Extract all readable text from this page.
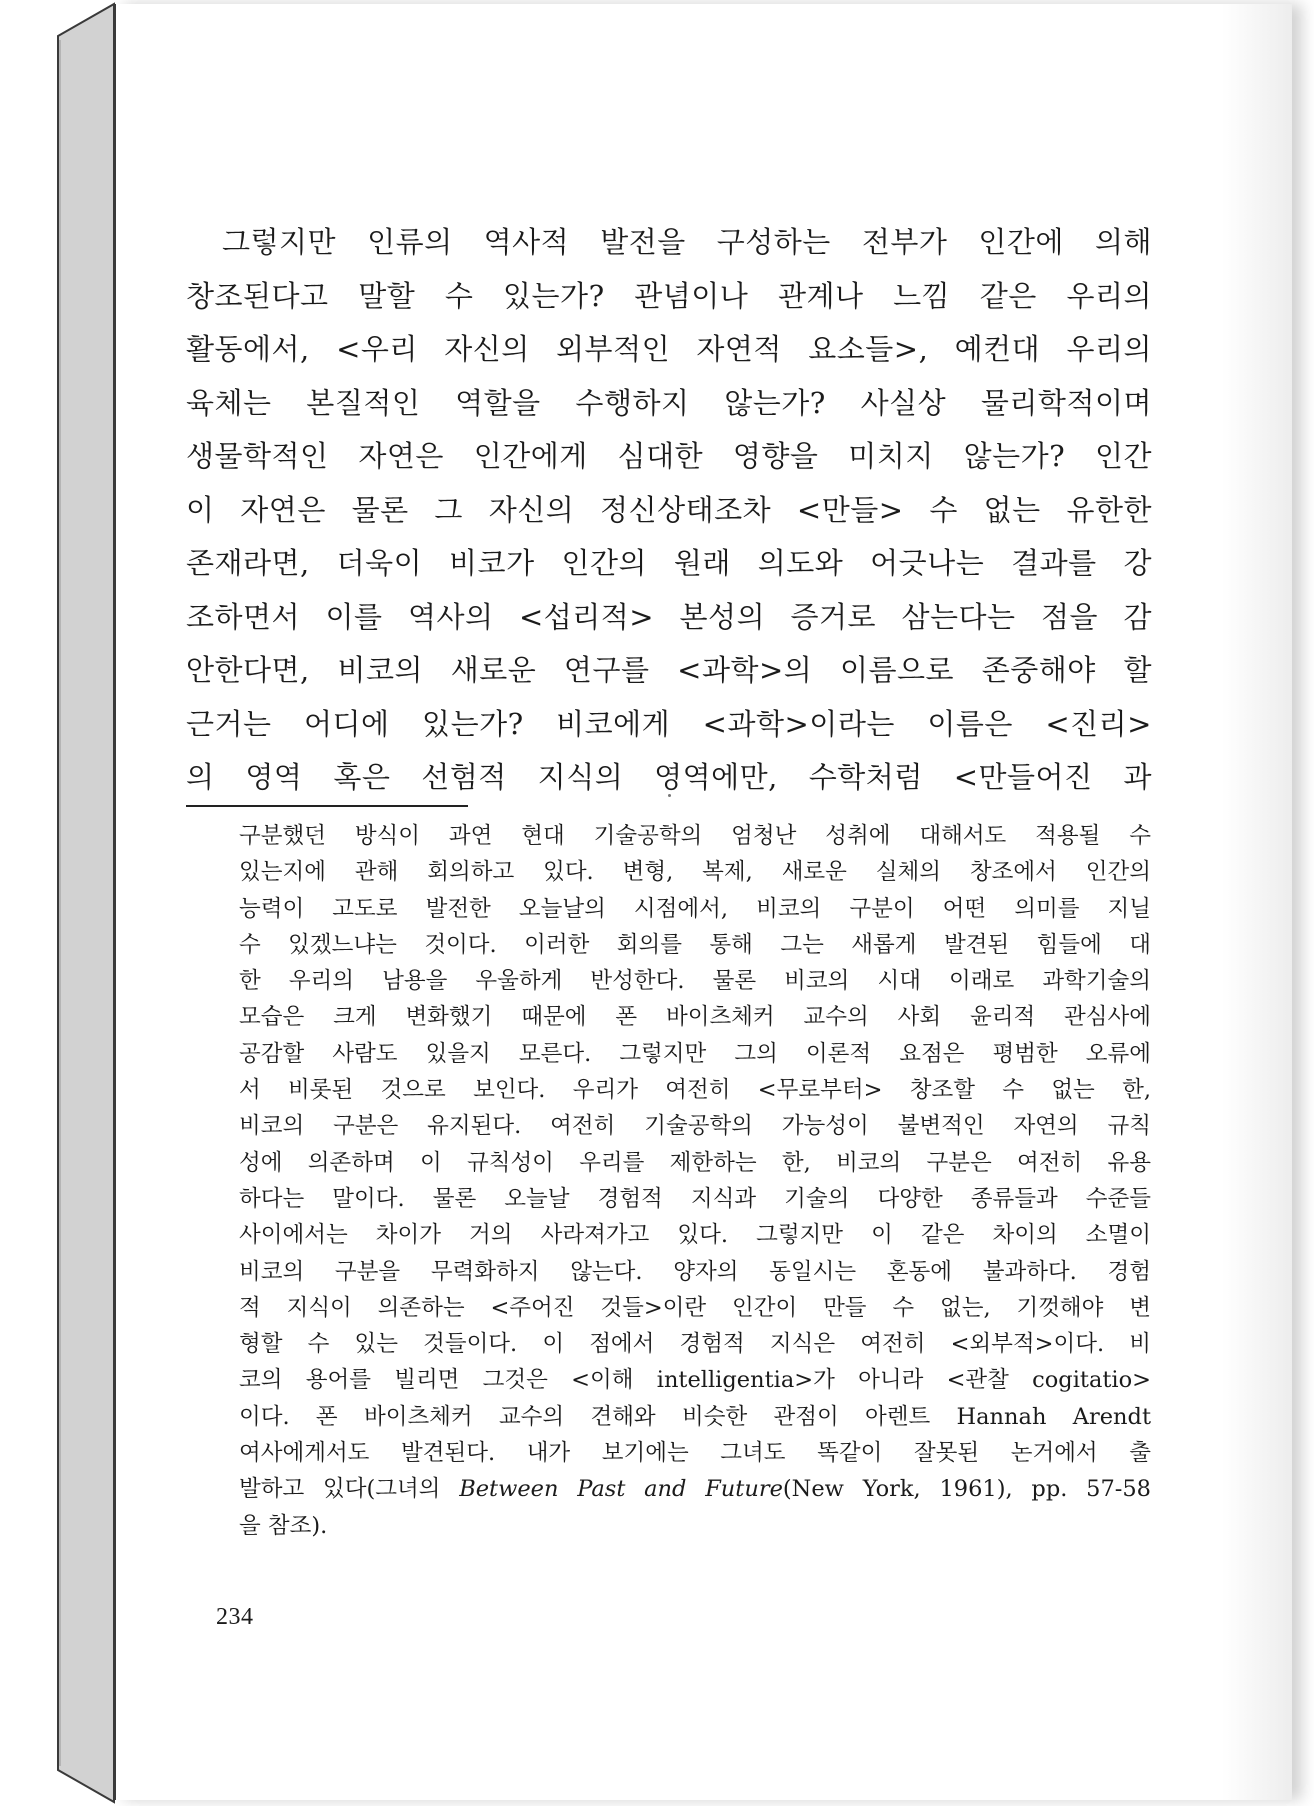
그렇지만 인류의 역사적 발전을 구성하는 전부가 인간에 의해
창조된다고 말할 수 있는가? 관념이나 관계나 느낌 같은 우리의
활동에서, <우리 자신의 외부적인 자연적 요소들>, 예컨대 우리의
육체는 본질적인 역할을 수행하지 않는가? 사실상 물리학적이며
생물학적인 자연은 인간에게 심대한 영향을 미치지 않는가? 인간
이 자연은 물론 그 자신의 정신상태조차 <만들> 수 없는 유한한
존재라면, 더욱이 비코가 인간의 원래 의도와 어긋나는 결과를 강
조하면서 이를 역사의 <섭리적> 본성의 증거로 삼는다는 점을 감
안한다면, 비코의 새로운 연구를 <과학>의 이름으로 존중해야 할
근거는 어디에 있는가? 비코에게 <과학>이라는 이름은 <진리>
의 영역 혹은 선험적 지식의 영역에만, 수학처럼 <만들어진 과
구분했던 방식이 과연 현대 기술공학의 엄청난 성취에 대해서도 적용될 수
있는지에 관해 회의하고 있다. 변형, 복제, 새로운 실체의 창조에서 인간의
능력이 고도로 발전한 오늘날의 시점에서, 비코의 구분이 어떤 의미를 지닐
수 있겠느냐는 것이다. 이러한 회의를 통해 그는 새롭게 발견된 힘들에 대
한 우리의 남용을 우울하게 반성한다. 물론 비코의 시대 이래로 과학기술의
모습은 크게 변화했기 때문에 폰 바이츠체커 교수의 사회 윤리적 관심사에
공감할 사람도 있을지 모른다. 그렇지만 그의 이론적 요점은 평범한 오류에
서 비롯된 것으로 보인다. 우리가 여전히 <무로부터> 창조할 수 없는 한,
비코의 구분은 유지된다. 여전히 기술공학의 가능성이 불변적인 자연의 규칙
성에 의존하며 이 규칙성이 우리를 제한하는 한, 비코의 구분은 여전히 유용
하다는 말이다. 물론 오늘날 경험적 지식과 기술의 다양한 종류들과 수준들
사이에서는 차이가 거의 사라져가고 있다. 그렇지만 이 같은 차이의 소멸이
비코의 구분을 무력화하지 않는다. 양자의 동일시는 혼동에 불과하다. 경험
적 지식이 의존하는 <주어진 것들>이란 인간이 만들 수 없는, 기껏해야 변
형할 수 있는 것들이다. 이 점에서 경험적 지식은 여전히 <외부적>이다. 비
코의 용어를 빌리면 그것은 <이해 intelligentia>가 아니라 <관찰 cogitatio>
이다. 폰 바이츠체커 교수의 견해와 비슷한 관점이 아렌트 Hannah Arendt
여사에게서도 발견된다. 내가 보기에는 그녀도 똑같이 잘못된 논거에서 출
발하고 있다(그녀의 Between Past and Future(New York, 1961), pp. 57-58
을 참조).
234
